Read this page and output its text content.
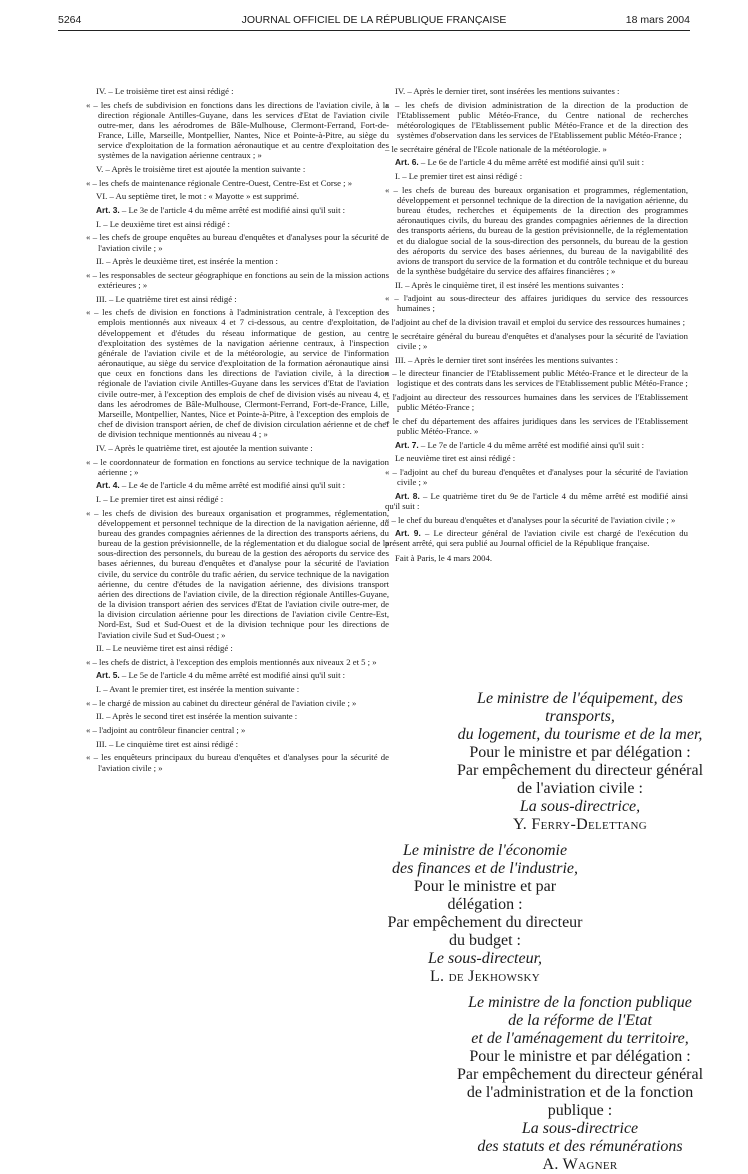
5264	JOURNAL OFFICIEL DE LA RÉPUBLIQUE FRANÇAISE	18 mars 2004

IV. – Le troisième tiret est ainsi rédigé :

« – les chefs de subdivision en fonctions dans les directions de l'aviation civile, à la direction régionale Antilles-Guyane, dans les services d'Etat de l'aviation civile outre-mer, dans les aérodromes de Bâle-Mulhouse, Clermont-Ferrand, Fort-de-France, Lille, Marseille, Montpellier, Nantes, Nice et Pointe-à-Pitre, au siège du service d'exploitation de la formation aéronautique et au centre d'exploitation des systèmes de la navigation aérienne centraux ; »

V. – Après le troisième tiret est ajoutée la mention suivante :

« – les chefs de maintenance régionale Centre-Ouest, Centre-Est et Corse ; »

VI. – Au septième tiret, le mot : « Mayotte » est supprimé.

Art. 3. – Le 3e de l'article 4 du même arrêté est modifié ainsi qu'il suit :

I. – Le deuxième tiret est ainsi rédigé :

« – les chefs de groupe enquêtes au bureau d'enquêtes et d'analyses pour la sécurité de l'aviation civile ; »

II. – Après le deuxième tiret, est insérée la mention :

« – les responsables de secteur géographique en fonctions au sein de la mission actions extérieures ; »

III. – Le quatrième tiret est ainsi rédigé :

« – les chefs de division en fonctions à l'administration centrale, à l'exception des emplois mentionnés aux niveaux 4 et 7 ci-dessous, au centre d'exploitation, de développement et d'études du réseau informatique de gestion, au centre d'exploitation des systèmes de la navigation aérienne centraux, à l'inspection générale de l'aviation civile et de la météorologie, au service de l'information aéronautique, au siège du service d'exploitation de la formation aéronautique ainsi que ceux en fonctions dans les directions de l'aviation civile, à la direction régionale de l'aviation civile Antilles-Guyane dans les services d'Etat de l'aviation civile outre-mer, à l'exception des emplois de chef de division visés au niveau 4, et dans les aérodromes de Bâle-Mulhouse, Clermont-Ferrand, Fort-de-France, Lille, Marseille, Montpellier, Nantes, Nice et Pointe-à-Pitre, à l'exception des emplois de chef de division transport aérien, de chef de division circulation aérienne et de chef de division technique mentionnés au niveau 4 ; »

IV. – Après le quatrième tiret, est ajoutée la mention suivante :

« – le coordonnateur de formation en fonctions au service technique de la navigation aérienne ; »

Art. 4. – Le 4e de l'article 4 du même arrêté est modifié ainsi qu'il suit :

I. – Le premier tiret est ainsi rédigé :

« – les chefs de division des bureaux organisation et programmes, réglementation, développement et personnel technique de la direction de la navigation aérienne, du bureau des grandes compagnies aériennes de la direction des transports aériens, du bureau de la gestion prévisionnelle, de la réglementation et du dialogue social de la sous-direction des personnels, du bureau de la gestion des aéroports du service des bases aériennes, du bureau d'enquêtes et d'analyse pour la sécurité de l'aviation civile, du service du contrôle du trafic aérien, du service technique de la navigation aérienne, du centre d'études de la navigation aérienne, des divisions transport aérien des directions de l'aviation civile, de la direction régionale Antilles-Guyane, de la division transport aérien des services d'Etat de l'aviation civile outre-mer, de la division circulation aérienne pour les directions de l'aviation civile Centre-Est, Nord-Est, Sud et Sud-Ouest et de la division technique pour les directions de l'aviation civile Sud et Sud-Ouest ; »

II. – Le neuvième tiret est ainsi rédigé :

« – les chefs de district, à l'exception des emplois mentionnés aux niveaux 2 et 5 ; »

Art. 5. – Le 5e de l'article 4 du même arrêté est modifié ainsi qu'il suit :

I. – Avant le premier tiret, est insérée la mention suivante :

« – le chargé de mission au cabinet du directeur général de l'aviation civile ; »

II. – Après le second tiret est insérée la mention suivante :

« – l'adjoint au contrôleur financier central ; »

III. – Le cinquième tiret est ainsi rédigé :

« – les enquêteurs principaux du bureau d'enquêtes et d'analyses pour la sécurité de l'aviation civile ; »

IV. – Après le dernier tiret, sont insérées les mentions suivantes :

« – les chefs de division administration de la direction de la production de l'Etablissement public Météo-France, du Centre national de recherches météorologiques de l'Etablissement public Météo-France et de la direction des systèmes d'observation dans les services de l'Etablissement public Météo-France ;

– le secrétaire général de l'Ecole nationale de la météorologie. »

Art. 6. – Le 6e de l'article 4 du même arrêté est modifié ainsi qu'il suit :

I. – Le premier tiret est ainsi rédigé :

« – les chefs de bureau des bureaux organisation et programmes, réglementation, développement et personnel technique de la direction de la navigation aérienne, du bureau études, recherches et équipements de la direction des programmes aéronautiques civils, du bureau des grandes compagnies aériennes de la direction des transports aériens, du bureau de la gestion prévisionnelle, de la réglementation et du dialogue social de la sous-direction des personnels, du bureau de la gestion des aéroports du service des bases aériennes, du bureau de la navigabilité des avions de transport du service de la formation et du contrôle technique et du bureau de la synthèse budgétaire du service des affaires financières ; »

II. – Après le cinquième tiret, il est inséré les mentions suivantes :

« – l'adjoint au sous-directeur des affaires juridiques du service des ressources humaines ;

– l'adjoint au chef de la division travail et emploi du service des ressources humaines ;

– le secrétaire général du bureau d'enquêtes et d'analyses pour la sécurité de l'aviation civile ; »

III. – Après le dernier tiret sont insérées les mentions suivantes :

« – le directeur financier de l'Etablissement public Météo-France et le directeur de la logistique et des contrats dans les services de l'Etablissement public Météo-France ;

– l'adjoint au directeur des ressources humaines dans les services de l'Etablissement public Météo-France ;

– le chef du département des affaires juridiques dans les services de l'Etablissement public Météo-France. »

Art. 7. – Le 7e de l'article 4 du même arrêté est modifié ainsi qu'il suit :

Le neuvième tiret est ainsi rédigé :

« – l'adjoint au chef du bureau d'enquêtes et d'analyses pour la sécurité de l'aviation civile ; »

Art. 8. – Le quatrième tiret du 9e de l'article 4 du même arrêté est modifié ainsi qu'il suit :

« – le chef du bureau d'enquêtes et d'analyses pour la sécurité de l'aviation civile ; »

Art. 9. – Le directeur général de l'aviation civile est chargé de l'exécution du présent arrêté, qui sera publié au Journal officiel de la République française.

Fait à Paris, le 4 mars 2004.

Le ministre de l'équipement, des transports,
du logement, du tourisme et de la mer,
Pour le ministre et par délégation :
Par empêchement du directeur général
de l'aviation civile :
La sous-directrice,
Y. Ferry-Delettang
Le ministre de l'économie
des finances et de l'industrie,
Pour le ministre et par délégation :
Par empêchement du directeur du budget :
Le sous-directeur,
L. de Jekhowsky
Le ministre de la fonction publique
de la réforme de l'Etat
et de l'aménagement du territoire,
Pour le ministre et par délégation :
Par empêchement du directeur général
de l'administration et de la fonction publique :
La sous-directrice
des statuts et des rémunérations
A. Wagner
